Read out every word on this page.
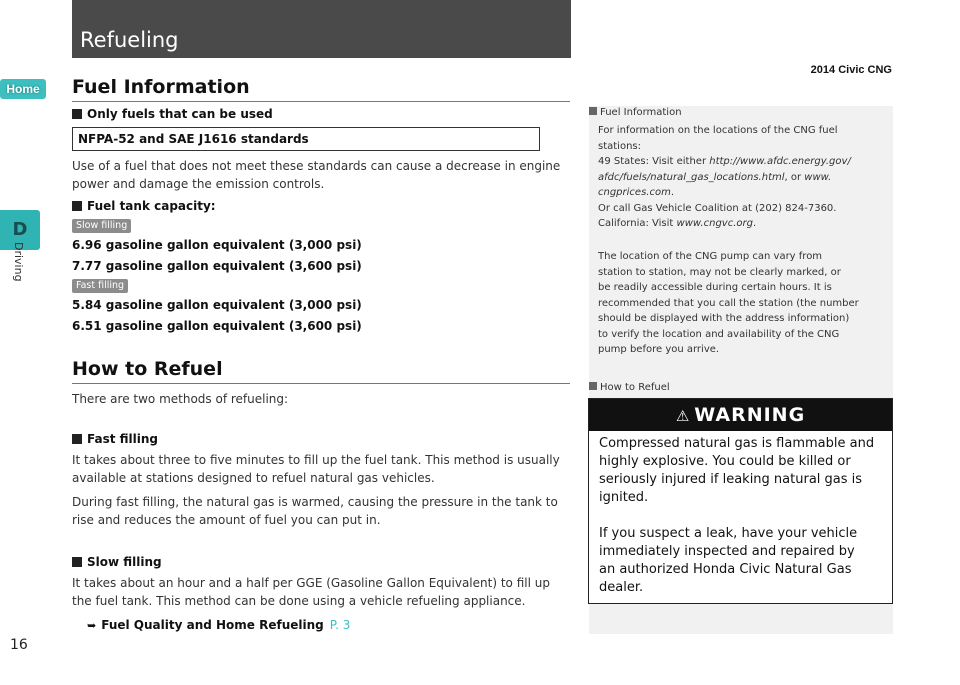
Refueling
2014 Civic CNG
Home
D
Driving
16
Fuel Information
Only fuels that can be used
NFPA-52 and SAE J1616 standards
Use of a fuel that does not meet these standards can cause a decrease in engine
power and damage the emission controls.
Fuel tank capacity:
Slow filling
6.96 gasoline gallon equivalent (3,000 psi)
7.77 gasoline gallon equivalent (3,600 psi)
Fast filling
5.84 gasoline gallon equivalent (3,000 psi)
6.51 gasoline gallon equivalent (3,600 psi)
How to Refuel
There are two methods of refueling:
Fast filling
It takes about three to five minutes to fill up the fuel tank. This method is usually
available at stations designed to refuel natural gas vehicles.
During fast filling, the natural gas is warmed, causing the pressure in the tank to
rise and reduces the amount of fuel you can put in.
Slow filling
It takes about an hour and a half per GGE (Gasoline Gallon Equivalent) to fill up
the fuel tank. This method can be done using a vehicle refueling appliance.
➥ Fuel Quality and Home Refueling P. 3
Fuel Information
For information on the locations of the CNG fuel
stations:
49 States: Visit either http://www.afdc.energy.gov/
afdc/fuels/natural_gas_locations.html, or www.
cngprices.com.
Or call Gas Vehicle Coalition at (202) 824-7360.
California: Visit www.cngvc.org.
The location of the CNG pump can vary from
station to station, may not be clearly marked, or
be readily accessible during certain hours. It is
recommended that you call the station (the number
should be displayed with the address information)
to verify the location and availability of the CNG
pump before you arrive.
How to Refuel
⚠ WARNING

Compressed natural gas is flammable and

highly explosive. You could be killed or

seriously injured if leaking natural gas is

ignited.

If you suspect a leak, have your vehicle

immediately inspected and repaired by

an authorized Honda Civic Natural Gas

dealer.
